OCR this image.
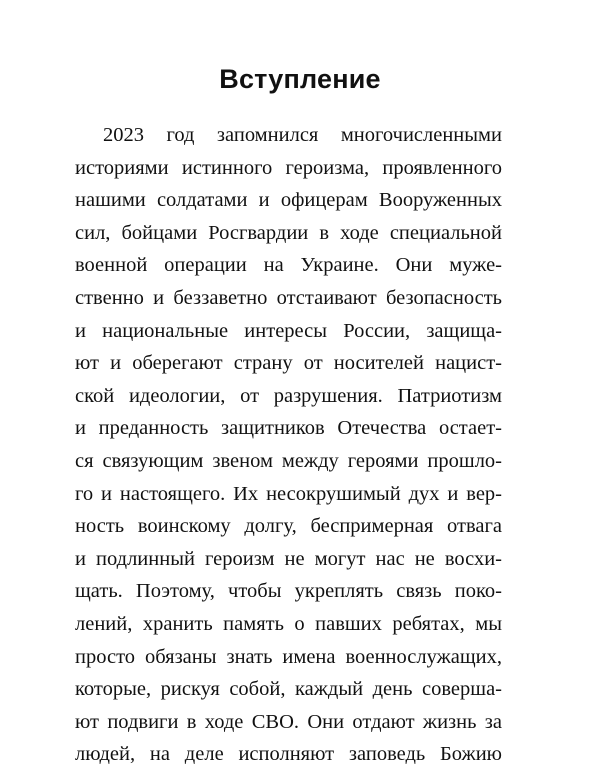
Вступление
2023 год запомнился многочисленными
историями истинного героизма, проявленного
нашими солдатами и офицерам Вооруженных
сил, бойцами Росгвардии в ходе специальной
военной операции на Украине. Они муже-
ственно и беззаветно отстаивают безопасность
и национальные интересы России, защища-
ют и оберегают страну от носителей нацист-
ской идеологии, от разрушения. Патриотизм
и преданность защитников Отечества остает-
ся связующим звеном между героями прошло-
го и настоящего. Их несокрушимый дух и вер-
ность воинскому долгу, беспримерная отвага
и подлинный героизм не могут нас не восхи-
щать. Поэтому, чтобы укреплять связь поко-
лений, хранить память о павших ребятах, мы
просто обязаны знать имена военнослужащих,
которые, рискуя собой, каждый день соверша-
ют подвиги в ходе СВО. Они отдают жизнь за
людей, на деле исполняют заповедь Божию
